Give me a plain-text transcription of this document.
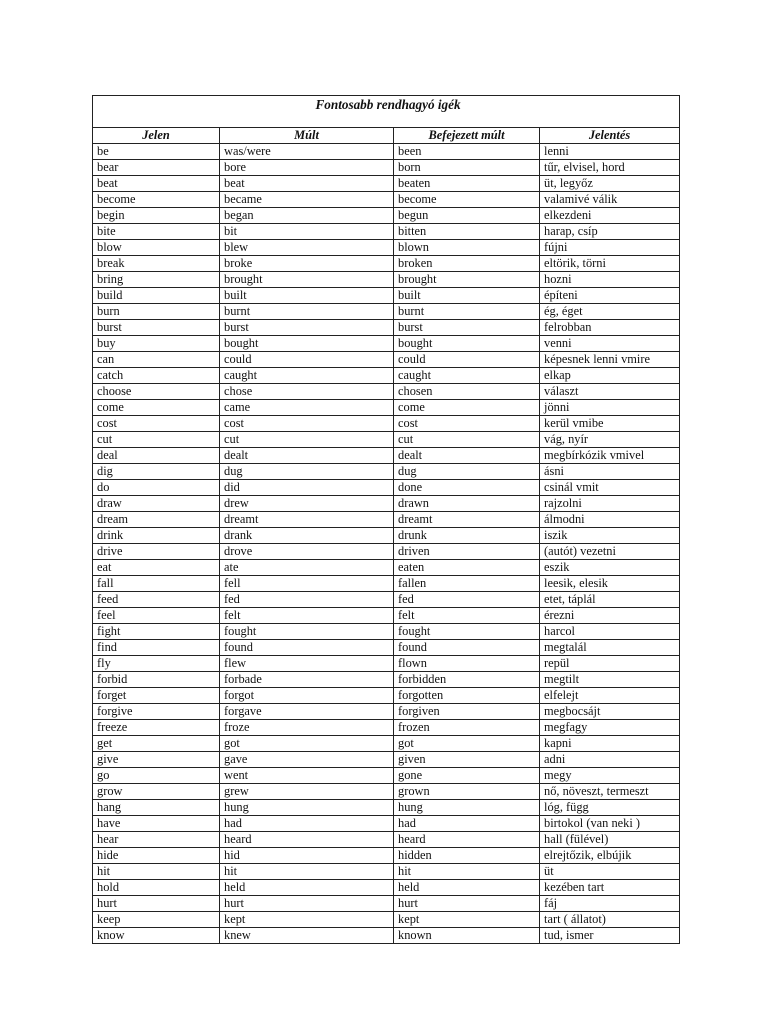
Fontosabb rendhagyó igék			
Jelen	Múlt	Befejezett múlt	Jelentés
be	was/were	been	lenni
bear	bore	born	tűr, elvisel, hord
beat	beat	beaten	üt, legyőz
become	became	become	valamivé válik
begin	began	begun	elkezdeni
bite	bit	bitten	harap, csíp
blow	blew	blown	fújni
break	broke	broken	eltörik, törni
bring	brought	brought	hozni
build	built	built	építeni
burn	burnt	burnt	ég, éget
burst	burst	burst	felrobban
buy	bought	bought	venni
can	could	could	képesnek lenni vmire
catch	caught	caught	elkap
choose	chose	chosen	választ
come	came	come	jönni
cost	cost	cost	kerül vmibe
cut	cut	cut	vág, nyír
deal	dealt	dealt	megbírkózik vmivel
dig	dug	dug	ásni
do	did	done	csinál vmit
draw	drew	drawn	rajzolni
dream	dreamt	dreamt	álmodni
drink	drank	drunk	iszik
drive	drove	driven	(autót) vezetni
eat	ate	eaten	eszik
fall	fell	fallen	leesik, elesik
feed	fed	fed	etet, táplál
feel	felt	felt	érezni
fight	fought	fought	harcol
find	found	found	megtalál
fly	flew	flown	repül
forbid	forbade	forbidden	megtilt
forget	forgot	forgotten	elfelejt
forgive	forgave	forgiven	megbocsájt
freeze	froze	frozen	megfagy
get	got	got	kapni
give	gave	given	adni
go	went	gone	megy
grow	grew	grown	nő, növeszt, termeszt
hang	hung	hung	lóg, függ
have	had	had	birtokol (van neki )
hear	heard	heard	hall (fülével)
hide	hid	hidden	elrejtőzik, elbújik
hit	hit	hit	üt
hold	held	held	kezében tart
hurt	hurt	hurt	fáj
keep	kept	kept	tart ( állatot)
know	knew	known	tud, ismer
